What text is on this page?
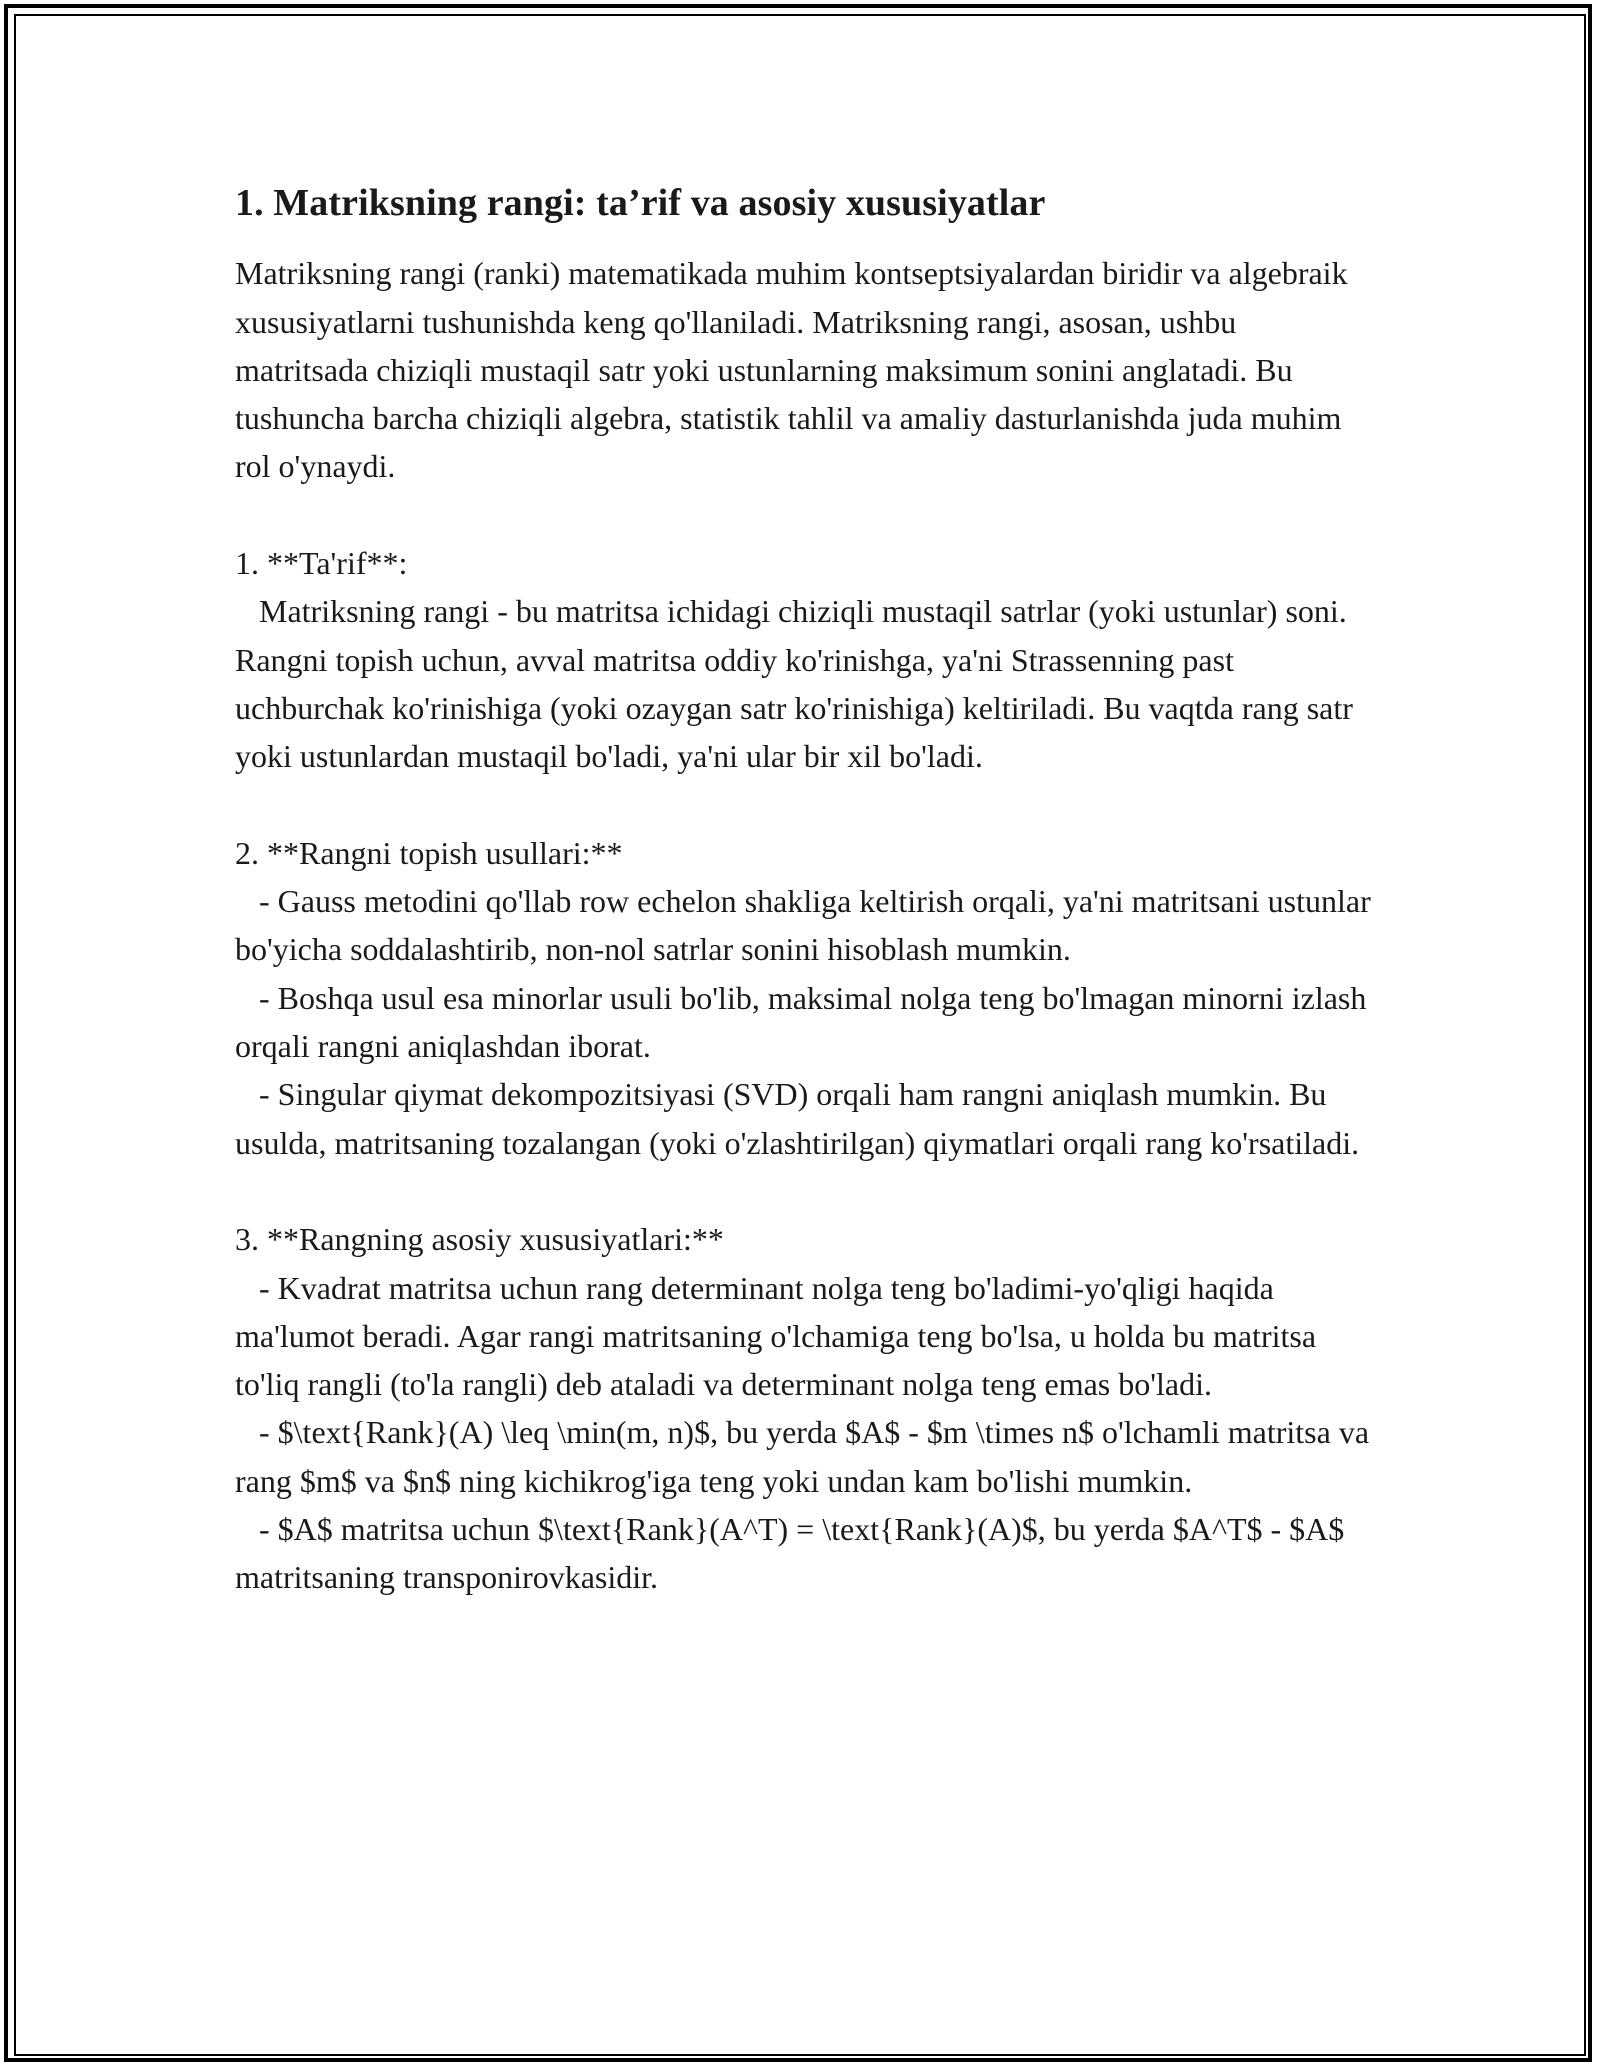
1. Matriksning rangi: ta’rif va asosiy xususiyatlar

Matriksning rangi (ranki) matematikada muhim kontseptsiyalardan biridir va algebraik xususiyatlarni tushunishda keng qo'llaniladi. Matriksning rangi, asosan, ushbu matritsada chiziqli mustaqil satr yoki ustunlarning maksimum sonini anglatadi. Bu tushuncha barcha chiziqli algebra, statistik tahlil va amaliy dasturlanishda juda muhim rol o'ynaydi.

1. **Ta'rif**:

Matriksning rangi - bu matritsa ichidagi chiziqli mustaqil satrlar (yoki ustunlar) soni. Rangni topish uchun, avval matritsa oddiy ko'rinishga, ya'ni Strassenning past uchburchak ko'rinishiga (yoki ozaygan satr ko'rinishiga) keltiriladi. Bu vaqtda rang satr yoki ustunlardan mustaqil bo'ladi, ya'ni ular bir xil bo'ladi.

2. **Rangni topish usullari:**

- Gauss metodini qo'llab row echelon shakliga keltirish orqali, ya'ni matritsani ustunlar bo'yicha soddalashtirib, non-nol satrlar sonini hisoblash mumkin.

- Boshqa usul esa minorlar usuli bo'lib, maksimal nolga teng bo'lmagan minorni izlash orqali rangni aniqlashdan iborat.

- Singular qiymat dekompozitsiyasi (SVD) orqali ham rangni aniqlash mumkin. Bu usulda, matritsaning tozalangan (yoki o'zlashtirilgan) qiymatlari orqali rang ko'rsatiladi.

3. **Rangning asosiy xususiyatlari:**

- Kvadrat matritsa uchun rang determinant nolga teng bo'ladimi-yo'qligi haqida ma'lumot beradi. Agar rangi matritsaning o'lchamiga teng bo'lsa, u holda bu matritsa to'liq rangli (to'la rangli) deb ataladi va determinant nolga teng emas bo'ladi.

- $\text{Rank}(A) \leq \min(m, n)$, bu yerda $A$ - $m \times n$ o'lchamli matritsa va rang $m$ va $n$ ning kichikrog'iga teng yoki undan kam bo'lishi mumkin.

- $A$ matritsa uchun $\text{Rank}(A^T) = \text{Rank}(A)$, bu yerda $A^T$ - $A$ matritsaning transponirovkasidir.
